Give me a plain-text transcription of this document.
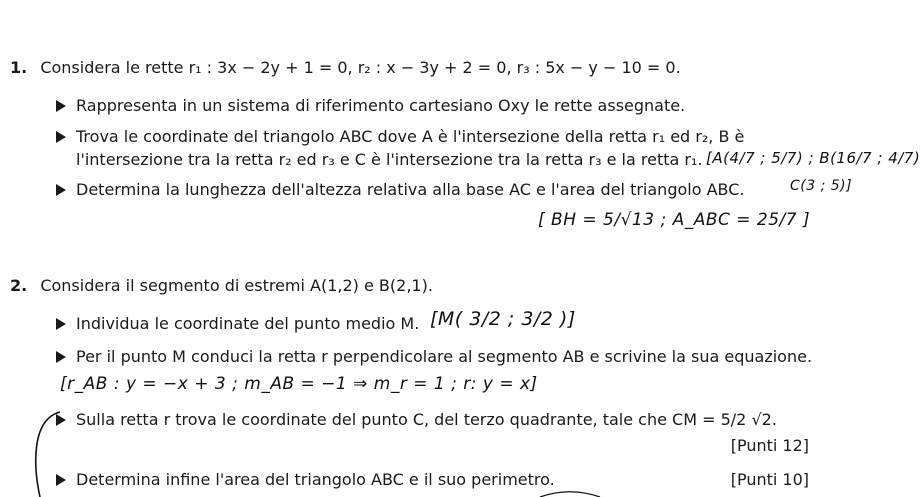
1. Considera le rette r₁ : 3x − 2y + 1 = 0, r₂ : x − 3y + 2 = 0, r₃ : 5x − y − 10 = 0.
Rappresenta in un sistema di riferimento cartesiano Oxy le rette assegnate.
Trova le coordinate del triangolo ABC dove A è l'intersezione della retta r₁ ed r₂, B è
l'intersezione tra la retta r₂ ed r₃ e C è l'intersezione tra la retta r₃ e la retta r₁. [A(4/7 ; 5/7) ; B(16/7 ; 4/7)
Determina la lunghezza dell'altezza relativa alla base AC e l'area del triangolo ABC.	C(3 ; 5)]
[ BH = 5/√13 ; A_ABC = 25/7 ]
2. Considera il segmento di estremi A(1,2) e B(2,1).
Individua le coordinate del punto medio M. [M( 3/2 ; 3/2 )]
Per il punto M conduci la retta r perpendicolare al segmento AB e scrivine la sua equazione.
[r_AB : y = −x + 3 ; m_AB = −1 ⇒ m_r = 1 ; r: y = x]
Sulla retta r trova le coordinate del punto C, del terzo quadrante, tale che CM = 5/2 √2.
[Punti 12]
Determina infine l'area del triangolo ABC e il suo perimetro.	[Punti 10]
